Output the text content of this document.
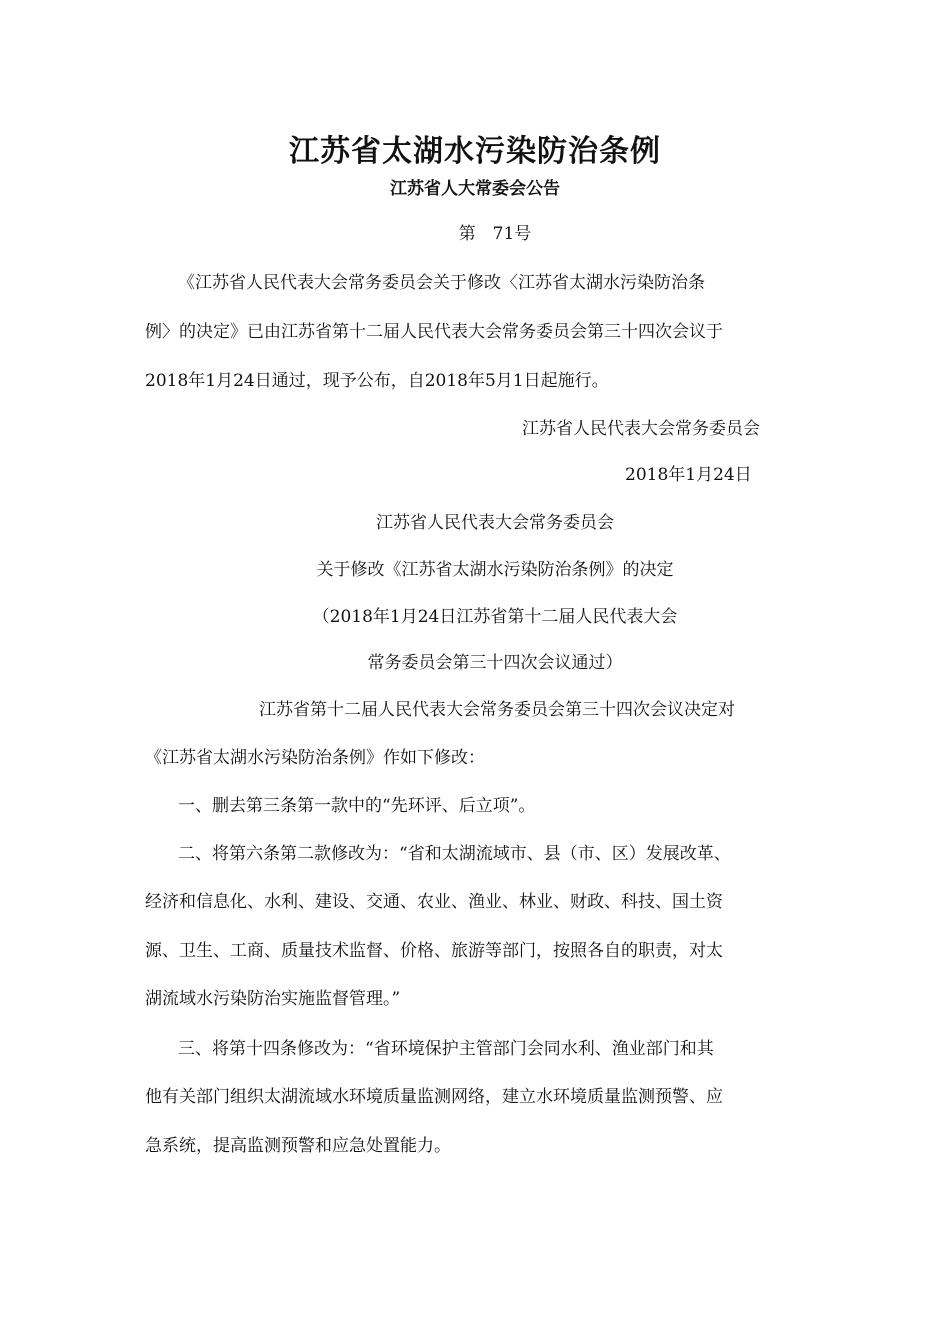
江苏省太湖水污染防治条例
江苏省人大常委会公告
第　71号
《江苏省人民代表大会常务委员会关于修改〈江苏省太湖水污染防治条
例〉的决定》已由江苏省第十二届人民代表大会常务委员会第三十四次会议于
2018年1月24日通过，现予公布，自2018年5月1日起施行。
江苏省人民代表大会常务委员会
2018年1月24日
江苏省人民代表大会常务委员会
关于修改《江苏省太湖水污染防治条例》的决定
（2018年1月24日江苏省第十二届人民代表大会
常务委员会第三十四次会议通过）
江苏省第十二届人民代表大会常务委员会第三十四次会议决定对
《江苏省太湖水污染防治条例》作如下修改：
一、删去第三条第一款中的“先环评、后立项”。
二、将第六条第二款修改为：“省和太湖流域市、县（市、区）发展改革、
经济和信息化、水利、建设、交通、农业、渔业、林业、财政、科技、国土资
源、卫生、工商、质量技术监督、价格、旅游等部门，按照各自的职责，对太
湖流域水污染防治实施监督管理。”
三、将第十四条修改为：“省环境保护主管部门会同水利、渔业部门和其
他有关部门组织太湖流域水环境质量监测网络，建立水环境质量监测预警、应
急系统，提高监测预警和应急处置能力。
